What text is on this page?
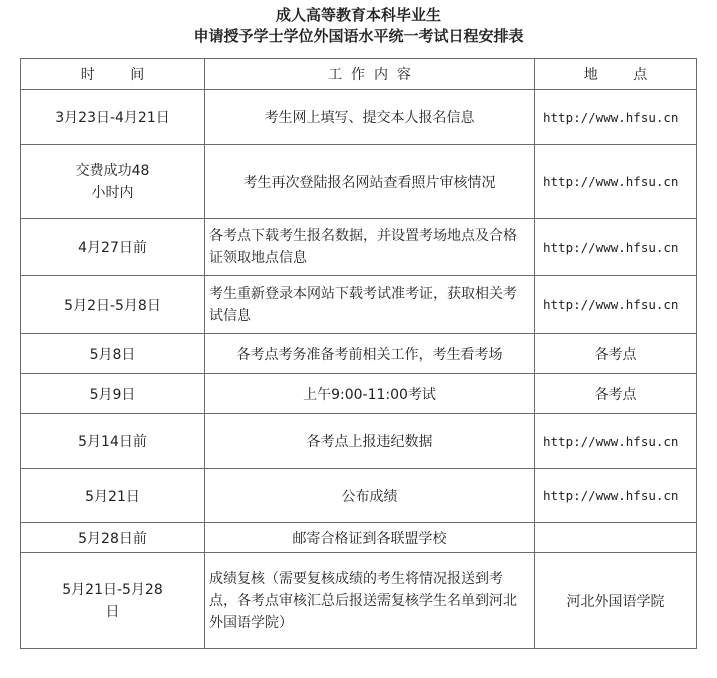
成人高等教育本科毕业生
申请授予学士学位外国语水平统一考试日程安排表
时        间	工  作  内  容	地        点
3月23日-4月21日	考生网上填写、提交本人报名信息	http://www.hfsu.cn
交费成功48小时内	考生再次登陆报名网站查看照片审核情况	http://www.hfsu.cn
4月27日前	各考点下载考生报名数据，并设置考场地点及合格证领取地点信息	http://www.hfsu.cn
5月2日-5月8日	考生重新登录本网站下载考试准考证，获取相关考试信息	http://www.hfsu.cn
5月8日	各考点考务准备考前相关工作，考生看考场	各考点
5月9日	上午9:00-11:00考试	各考点
5月14日前	各考点上报违纪数据	http://www.hfsu.cn
5月21日	公布成绩	http://www.hfsu.cn
5月28日前	邮寄合格证到各联盟学校	
5月21日-5月28日	成绩复核（需要复核成绩的考生将情况报送到考点，各考点审核汇总后报送需复核学生名单到河北外国语学院）	河北外国语学院
